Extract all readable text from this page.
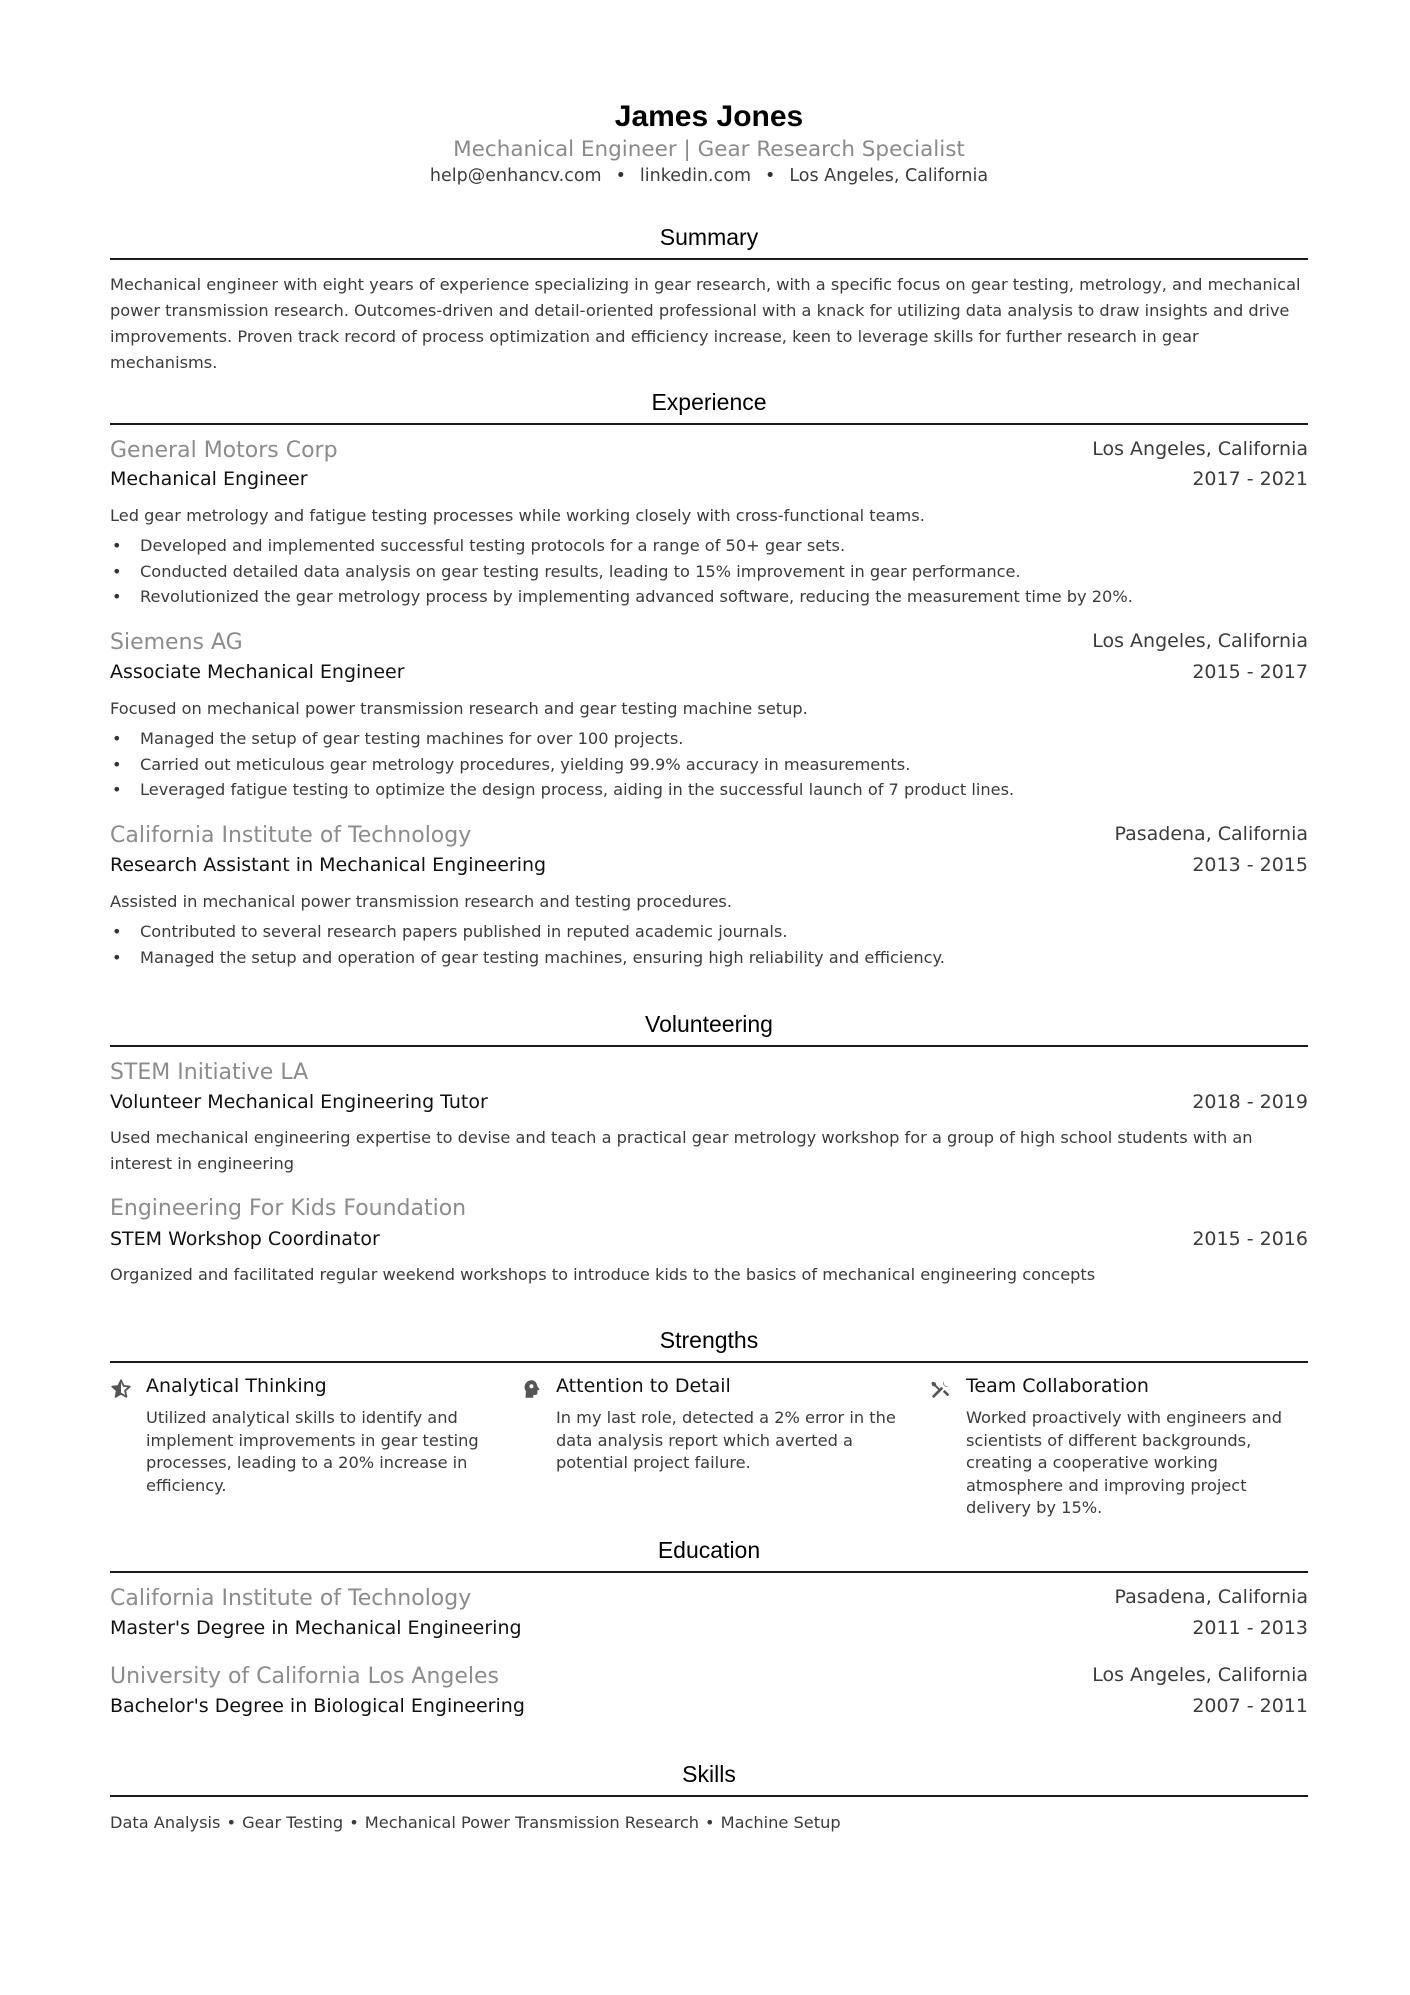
James Jones
Mechanical Engineer | Gear Research Specialist
help@enhancv.com • linkedin.com • Los Angeles, California
Summary
Mechanical engineer with eight years of experience specializing in gear research, with a specific focus on gear testing, metrology, and mechanical power transmission research. Outcomes-driven and detail-oriented professional with a knack for utilizing data analysis to draw insights and drive improvements. Proven track record of process optimization and efficiency increase, keen to leverage skills for further research in gear mechanisms.
Experience
General Motors Corp	Los Angeles, California
Mechanical Engineer	2017 - 2021
Led gear metrology and fatigue testing processes while working closely with cross-functional teams.
• Developed and implemented successful testing protocols for a range of 50+ gear sets.
• Conducted detailed data analysis on gear testing results, leading to 15% improvement in gear performance.
• Revolutionized the gear metrology process by implementing advanced software, reducing the measurement time by 20%.
Siemens AG	Los Angeles, California
Associate Mechanical Engineer	2015 - 2017
Focused on mechanical power transmission research and gear testing machine setup.
• Managed the setup of gear testing machines for over 100 projects.
• Carried out meticulous gear metrology procedures, yielding 99.9% accuracy in measurements.
• Leveraged fatigue testing to optimize the design process, aiding in the successful launch of 7 product lines.
California Institute of Technology	Pasadena, California
Research Assistant in Mechanical Engineering	2013 - 2015
Assisted in mechanical power transmission research and testing procedures.
• Contributed to several research papers published in reputed academic journals.
• Managed the setup and operation of gear testing machines, ensuring high reliability and efficiency.
Volunteering
STEM Initiative LA
Volunteer Mechanical Engineering Tutor	2018 - 2019
Used mechanical engineering expertise to devise and teach a practical gear metrology workshop for a group of high school students with an interest in engineering
Engineering For Kids Foundation
STEM Workshop Coordinator	2015 - 2016
Organized and facilitated regular weekend workshops to introduce kids to the basics of mechanical engineering concepts
Strengths
Analytical Thinking
Utilized analytical skills to identify and implement improvements in gear testing processes, leading to a 20% increase in efficiency.
Attention to Detail
In my last role, detected a 2% error in the data analysis report which averted a potential project failure.
Team Collaboration
Worked proactively with engineers and scientists of different backgrounds, creating a cooperative working atmosphere and improving project delivery by 15%.
Education
California Institute of Technology	Pasadena, California
Master's Degree in Mechanical Engineering	2011 - 2013
University of California Los Angeles	Los Angeles, California
Bachelor's Degree in Biological Engineering	2007 - 2011
Skills
Data Analysis • Gear Testing • Mechanical Power Transmission Research • Machine Setup
